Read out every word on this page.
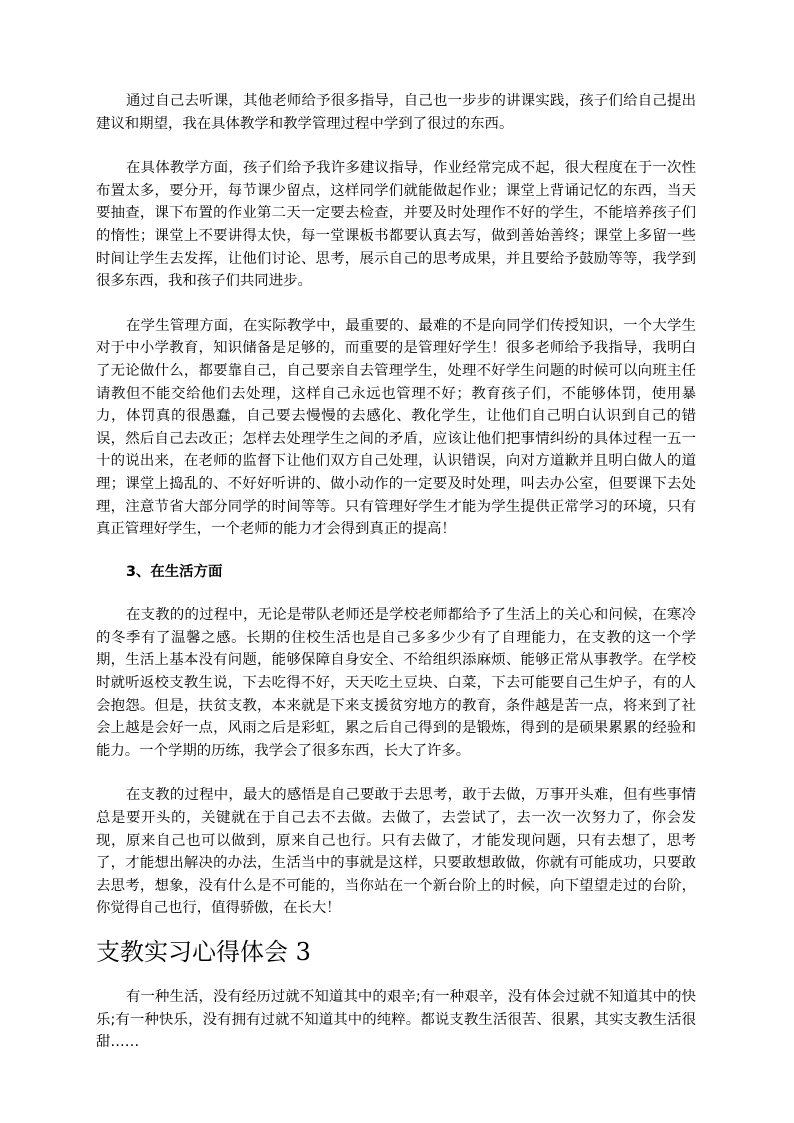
通过自己去听课，其他老师给予很多指导，自己也一步步的讲课实践，孩子们给自己提出建议和期望，我在具体教学和教学管理过程中学到了很过的东西。

在具体教学方面，孩子们给予我许多建议指导，作业经常完成不起，很大程度在于一次性布置太多，要分开，每节课少留点，这样同学们就能做起作业；课堂上背诵记忆的东西，当天要抽查，课下布置的作业第二天一定要去检查，并要及时处理作不好的学生，不能培养孩子们的惰性；课堂上不要讲得太快，每一堂课板书都要认真去写，做到善始善终；课堂上多留一些时间让学生去发挥，让他们讨论、思考，展示自己的思考成果，并且要给予鼓励等等，我学到很多东西，我和孩子们共同进步。

在学生管理方面，在实际教学中，最重要的、最难的不是向同学们传授知识，一个大学生对于中小学教育，知识储备是足够的，而重要的是管理好学生！很多老师给予我指导，我明白了无论做什么，都要靠自己，自己要亲自去管理学生，处理不好学生问题的时候可以向班主任请教但不能交给他们去处理，这样自己永远也管理不好；教育孩子们，不能够体罚，使用暴力，体罚真的很愚蠢，自己要去慢慢的去感化、教化学生，让他们自己明白认识到自己的错误，然后自己去改正；怎样去处理学生之间的矛盾，应该让他们把事情纠纷的具体过程一五一十的说出来，在老师的监督下让他们双方自己处理，认识错误，向对方道歉并且明白做人的道理；课堂上捣乱的、不好好听讲的、做小动作的一定要及时处理，叫去办公室，但要课下去处理，注意节省大部分同学的时间等等。只有管理好学生才能为学生提供正常学习的环境，只有真正管理好学生，一个老师的能力才会得到真正的提高！

3、在生活方面

在支教的的过程中，无论是带队老师还是学校老师都给予了生活上的关心和问候，在寒冷的冬季有了温馨之感。长期的住校生活也是自己多多少少有了自理能力，在支教的这一个学期，生活上基本没有问题，能够保障自身安全、不给组织添麻烦、能够正常从事教学。在学校时就听返校支教生说，下去吃得不好，天天吃土豆块、白菜，下去可能要自己生炉子，有的人会抱怨。但是，扶贫支教，本来就是下来支援贫穷地方的教育，条件越是苦一点，将来到了社会上越是会好一点，风雨之后是彩虹，累之后自己得到的是锻炼，得到的是硕果累累的经验和能力。一个学期的历练，我学会了很多东西，长大了许多。

在支教的过程中，最大的感悟是自己要敢于去思考，敢于去做，万事开头难，但有些事情总是要开头的，关键就在于自己去不去做。去做了，去尝试了，去一次一次努力了，你会发现，原来自己也可以做到，原来自己也行。只有去做了，才能发现问题，只有去想了，思考了，才能想出解决的办法，生活当中的事就是这样，只要敢想敢做，你就有可能成功，只要敢去思考，想象，没有什么是不可能的，当你站在一个新台阶上的时候，向下望望走过的台阶，你觉得自己也行，值得骄傲，在长大！

支教实习心得体会 3

有一种生活，没有经历过就不知道其中的艰辛;有一种艰辛，没有体会过就不知道其中的快乐;有一种快乐，没有拥有过就不知道其中的纯粹。都说支教生活很苦、很累，其实支教生活很甜……
